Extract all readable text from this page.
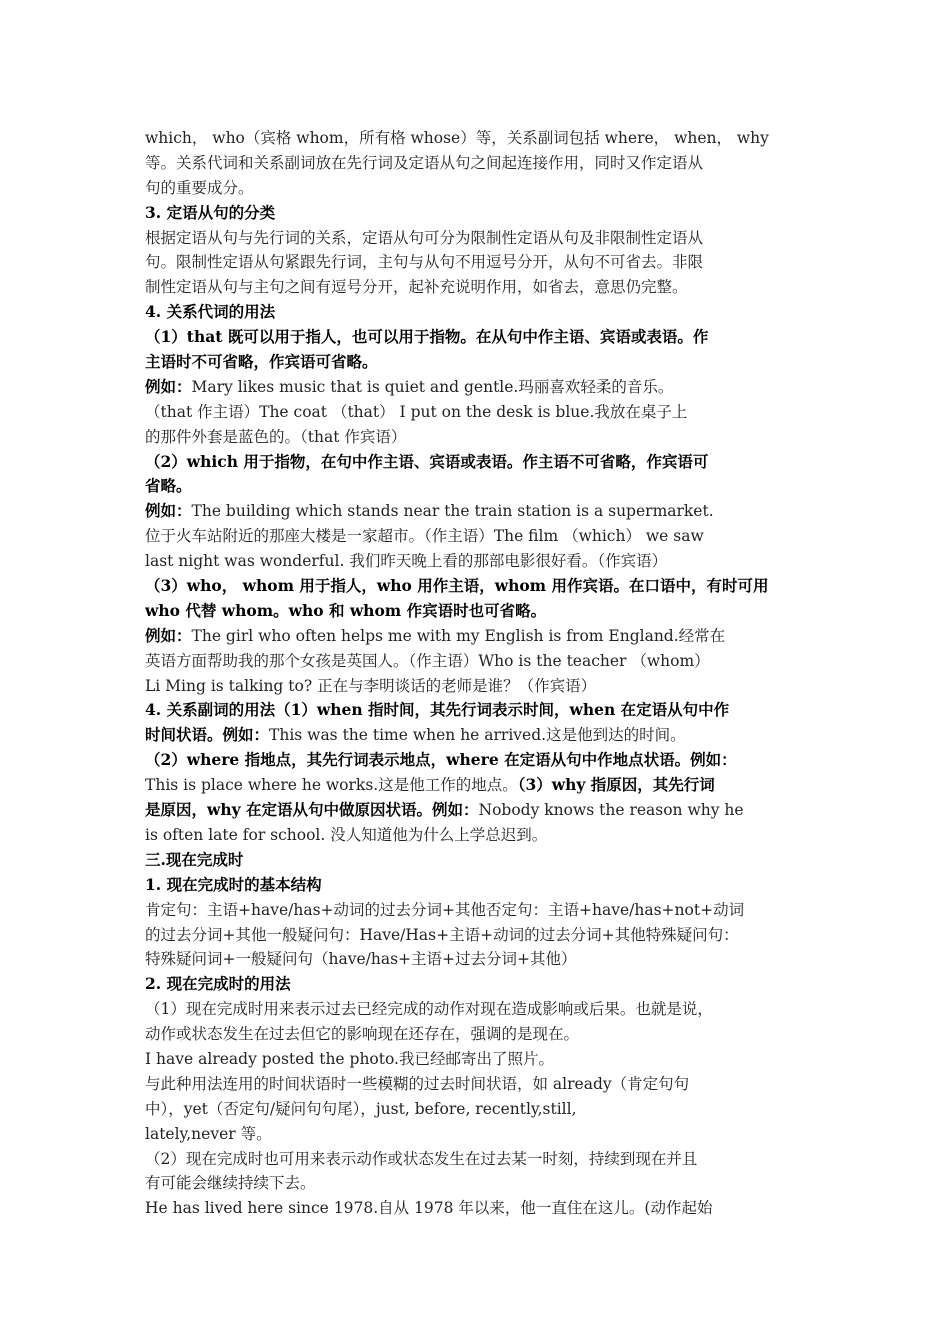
which， who（宾格 whom，所有格 whose）等，关系副词包括 where， when， why
等。关系代词和关系副词放在先行词及定语从句之间起连接作用，同时又作定语从
句的重要成分。
3. 定语从句的分类
根据定语从句与先行词的关系，定语从句可分为限制性定语从句及非限制性定语从
句。限制性定语从句紧跟先行词，主句与从句不用逗号分开，从句不可省去。非限
制性定语从句与主句之间有逗号分开，起补充说明作用，如省去，意思仍完整。
4. 关系代词的用法
（1）that 既可以用于指人，也可以用于指物。在从句中作主语、宾语或表语。作
主语时不可省略，作宾语可省略。
例如：Mary likes music that is quiet and gentle.玛丽喜欢轻柔的音乐。
（that 作主语）The coat （that） I put on the desk is blue.我放在桌子上
的那件外套是蓝色的。（that 作宾语）
（2）which 用于指物，在句中作主语、宾语或表语。作主语不可省略，作宾语可
省略。
例如：The building which stands near the train station is a supermarket.
位于火车站附近的那座大楼是一家超市。（作主语）The film （which） we saw
last night was wonderful. 我们昨天晚上看的那部电影很好看。（作宾语）
（3）who， whom 用于指人，who 用作主语，whom 用作宾语。在口语中，有时可用
who 代替 whom。who 和 whom 作宾语时也可省略。
例如：The girl who often helps me with my English is from England.经常在
英语方面帮助我的那个女孩是英国人。（作主语）Who is the teacher （whom）
Li Ming is talking to? 正在与李明谈话的老师是谁？（作宾语）
4. 关系副词的用法（1）when 指时间，其先行词表示时间，when 在定语从句中作
时间状语。例如：This was the time when he arrived.这是他到达的时间。
（2）where 指地点，其先行词表示地点，where 在定语从句中作地点状语。例如：
This is place where he works.这是他工作的地点。（3）why 指原因，其先行词
是原因，why 在定语从句中做原因状语。例如：Nobody knows the reason why he
is often late for school. 没人知道他为什么上学总迟到。
三.现在完成时
1. 现在完成时的基本结构
肯定句：主语+have/has+动词的过去分词+其他否定句：主语+have/has+not+动词
的过去分词+其他一般疑问句：Have/Has+主语+动词的过去分词+其他特殊疑问句：
特殊疑问词+一般疑问句（have/has+主语+过去分词+其他）
2. 现在完成时的用法
（1）现在完成时用来表示过去已经完成的动作对现在造成影响或后果。也就是说，
动作或状态发生在过去但它的影响现在还存在，强调的是现在。
I have already posted the photo.我已经邮寄出了照片。
与此种用法连用的时间状语时一些模糊的过去时间状语，如 already（肯定句句
中），yet（否定句/疑问句句尾），just, before, recently,still,
lately,never 等。
（2）现在完成时也可用来表示动作或状态发生在过去某一时刻，持续到现在并且
有可能会继续持续下去。
He has lived here since 1978.自从 1978 年以来，他一直住在这儿。(动作起始
